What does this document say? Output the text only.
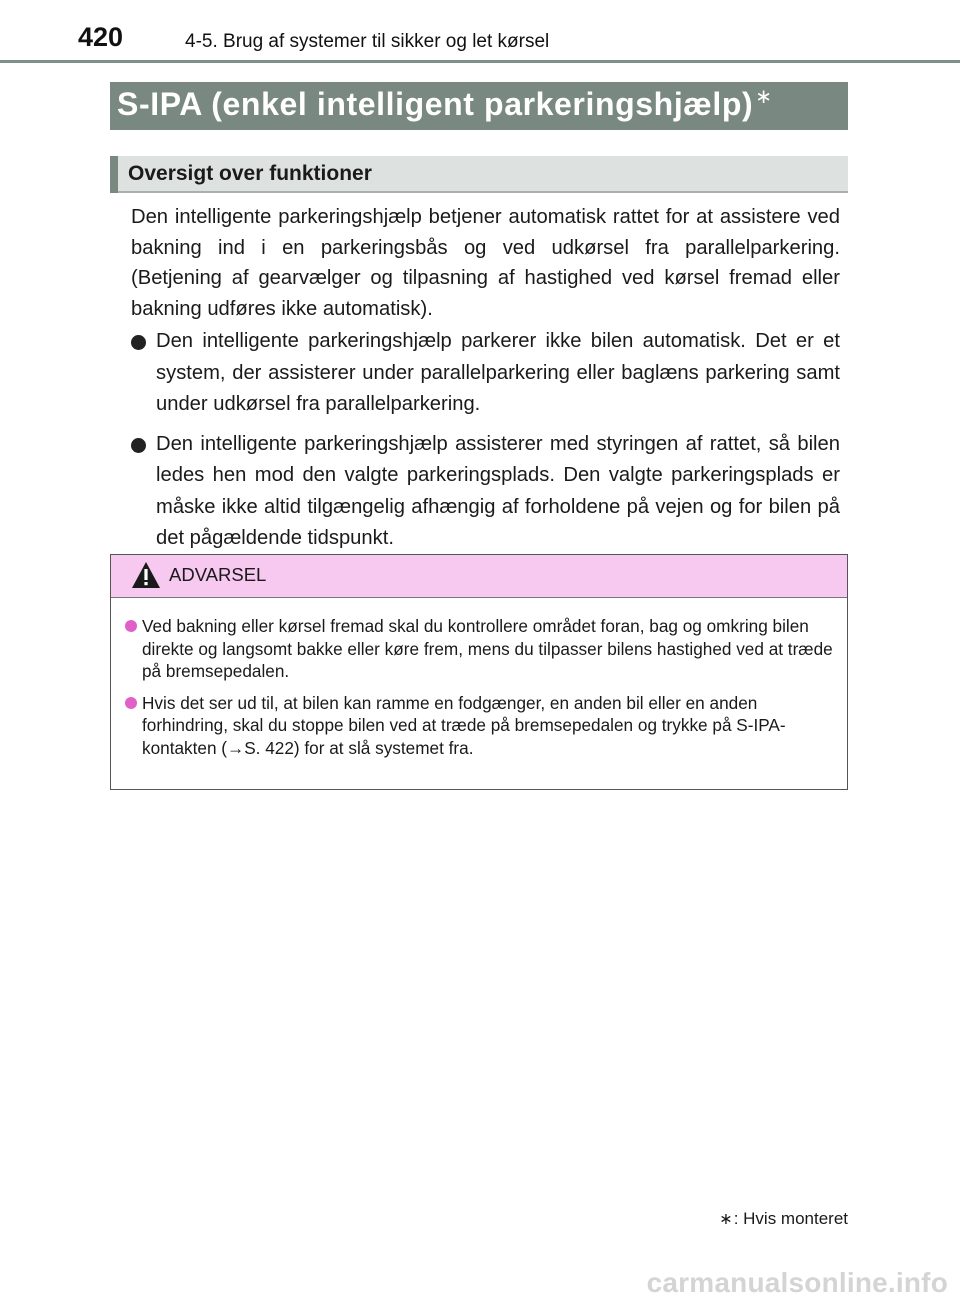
420	4-5. Brug af systemer til sikker og let kørsel
S-IPA (enkel intelligent parkeringshjælp) ∗
Oversigt over funktioner

Den intelligente parkeringshjælp betjener automatisk rattet for at assistere ved bakning ind i en parkeringsbås og ved udkørsel fra parallelparkering. (Betjening af gearvælger og tilpasning af hastighed ved kørsel fremad eller bakning udføres ikke automatisk).

Den intelligente parkeringshjælp parkerer ikke bilen automatisk. Det er et system, der assisterer under parallelparkering eller baglæns parkering samt under udkørsel fra parallelparkering.
Den intelligente parkeringshjælp assisterer med styringen af rattet, så bilen ledes hen mod den valgte parkeringsplads. Den valgte parkeringsplads er måske ikke altid tilgængelig afhængig af forholdene på vejen og for bilen på det pågældende tidspunkt.
ADVARSEL
Ved bakning eller kørsel fremad skal du kontrollere området foran, bag og omkring bilen direkte og langsomt bakke eller køre frem, mens du tilpasser bilens hastighed ved at træde på bremsepedalen.
Hvis det ser ud til, at bilen kan ramme en fodgænger, en anden bil eller en anden forhindring, skal du stoppe bilen ved at træde på bremsepedalen og trykke på S-IPA-kontakten (→S. 422) for at slå systemet fra.
∗: Hvis monteret
carmanualsonline.info
